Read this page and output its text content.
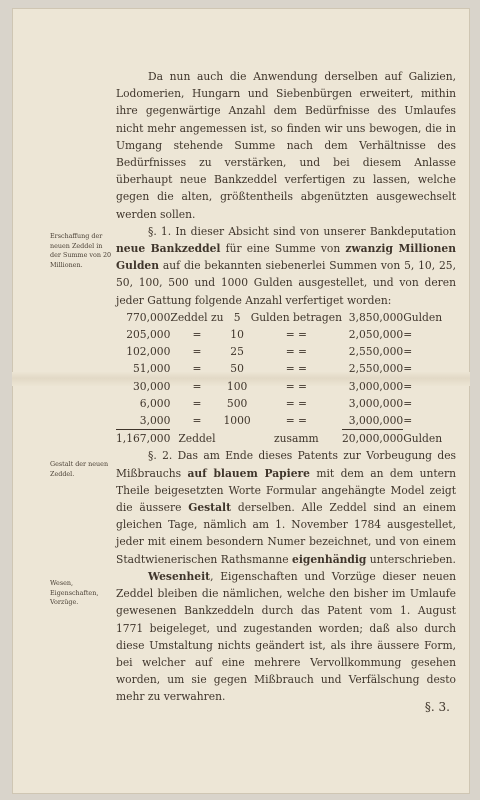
Erschaffung der neuen Zeddel in der Summe von 20 Millionen.
Gestalt der neuen Zeddel.
Wesen, Eigenschaften, Vorzüge.

Da nun auch die Anwendung derselben auf Galizien, Lodomerien, Hungarn und Siebenbürgen erweitert, mithin ihre gegenwärtige Anzahl dem Bedürfnisse des Umlaufes nicht mehr angemessen ist, so finden wir uns bewogen, die in Umgang stehende Summe nach dem Verhältnisse des Bedürfnisses zu verstärken, und bei diesem Anlasse überhaupt neue Bankzeddel verfertigen zu lassen, welche gegen die alten, größtentheils abgenützten ausgewechselt werden sollen.

§. 1. In dieser Absicht sind von unserer Bankdeputation neue Bankzeddel für eine Summe von zwanzig Millionen Gulden auf die bekannten siebenerlei Summen von 5, 10, 25, 50, 100, 500 und 1000 Gulden ausgestellet, und von deren jeder Gattung folgende Anzahl verfertiget worden:

770,000	Zeddel zu	5	Gulden betragen	3,850,000	Gulden
205,000	=	10	= =	2,050,000	=
102,000	=	25	= =	2,550,000	=
51,000	=	50	= =	2,550,000	=
30,000	=	100	= =	3,000,000	=
6,000	=	500	= =	3,000,000	=
3,000	=	1000	= =	3,000,000	=
1,167,000	Zeddel		zusamm	20,000,000	Gulden

§. 2. Das am Ende dieses Patents zur Vorbeugung des Mißbrauchs auf blauem Papiere mit dem an dem untern Theile beigesetzten Worte Formular angehängte Model zeigt die äussere Gestalt derselben. Alle Zeddel sind an einem gleichen Tage, nämlich am 1. November 1784 ausgestellet, jeder mit einem besondern Numer bezeichnet, und von einem Stadtwienerischen Rathsmanne eigenhändig unterschrieben.

Wesenheit, Eigenschaften und Vorzüge dieser neuen Zeddel bleiben die nämlichen, welche den bisher im Umlaufe gewesenen Bankzeddeln durch das Patent vom 1. August 1771 beigeleget, und zugestanden worden; daß also durch diese Umstaltung nichts geändert ist, als ihre äussere Form, bei welcher auf eine mehrere Vervollkommung gesehen worden, um sie gegen Mißbrauch und Verfälschung desto mehr zu verwahren.

§. 3.
